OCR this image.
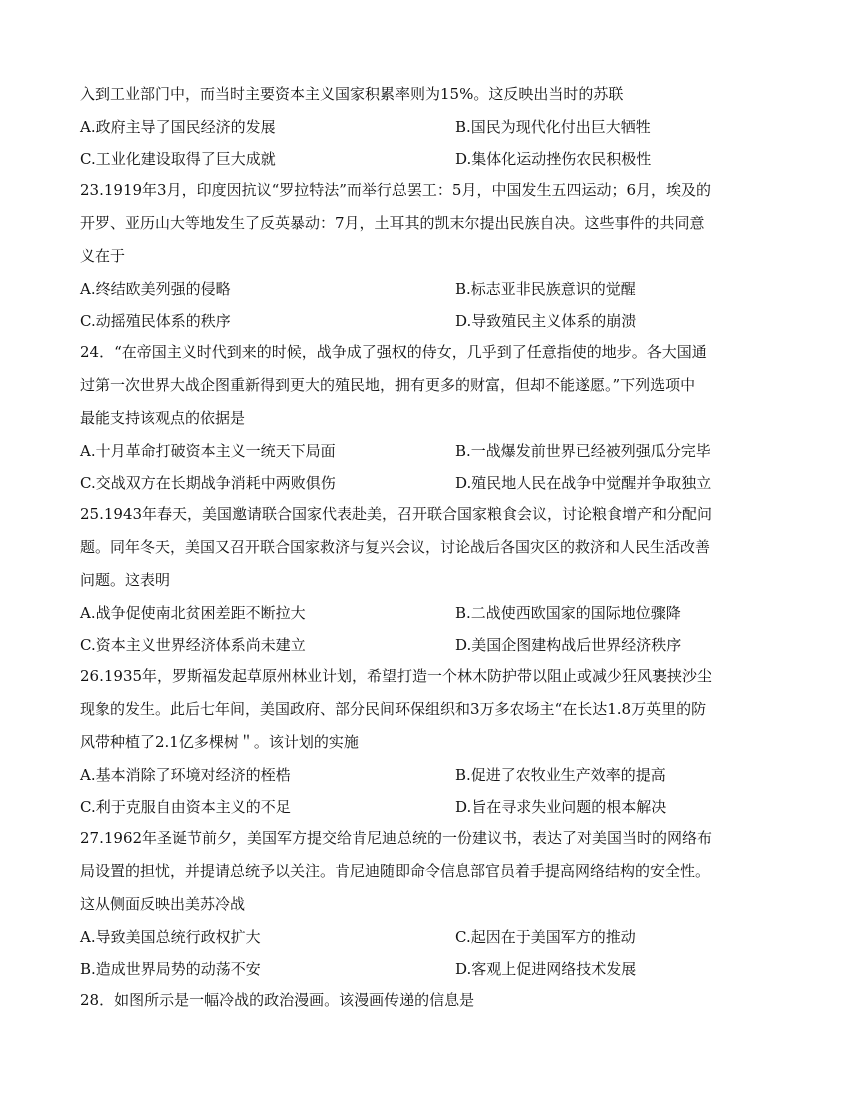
入到工业部门中，而当时主要资本主义国家积累率则为15%。这反映出当时的苏联
A.政府主导了国民经济的发展	B.国民为现代化付出巨大牺牲
C.工业化建设取得了巨大成就	D.集体化运动挫伤农民积极性
23.1919年3月，印度因抗议“罗拉特法”而举行总罢工：5月，中国发生五四运动；6月，埃及的
开罗、亚历山大等地发生了反英暴动：7月，土耳其的凯末尔提出民族自决。这些事件的共同意
义在于
A.终结欧美列强的侵略	B.标志亚非民族意识的觉醒
C.动摇殖民体系的秩序	D.导致殖民主义体系的崩溃
24．“在帝国主义时代到来的时候，战争成了强权的侍女，几乎到了任意指使的地步。各大国通
过第一次世界大战企图重新得到更大的殖民地，拥有更多的财富，但却不能遂愿。”下列选项中
最能支持该观点的依据是
A.十月革命打破资本主义一统天下局面	B.一战爆发前世界已经被列强瓜分完毕
C.交战双方在长期战争消耗中两败俱伤	D.殖民地人民在战争中觉醒并争取独立
25.1943年春天，美国邀请联合国家代表赴美，召开联合国家粮食会议，讨论粮食增产和分配问
题。同年冬天，美国又召开联合国家救济与复兴会议，讨论战后各国灾区的救济和人民生活改善
问题。这表明
A.战争促使南北贫困差距不断拉大	B.二战使西欧国家的国际地位骤降
C.资本主义世界经济体系尚未建立	D.美国企图建构战后世界经济秩序
26.1935年，罗斯福发起草原州林业计划，希望打造一个林木防护带以阻止或减少狂风裹挟沙尘
现象的发生。此后七年间，美国政府、部分民间环保组织和3万多农场主“在长达1.8万英里的防
风带种植了2.1亿多棵树＂。该计划的实施
A.基本消除了环境对经济的桎梏	B.促进了农牧业生产效率的提高
C.利于克服自由资本主义的不足	D.旨在寻求失业问题的根本解决
27.1962年圣诞节前夕，美国军方提交给肯尼迪总统的一份建议书，表达了对美国当时的网络布
局设置的担忧，并提请总统予以关注。肯尼迪随即命令信息部官员着手提高网络结构的安全性。
这从侧面反映出美苏冷战
A.导致美国总统行政权扩大	C.起因在于美国军方的推动
B.造成世界局势的动荡不安	D.客观上促进网络技术发展
28．如图所示是一幅冷战的政治漫画。该漫画传递的信息是
